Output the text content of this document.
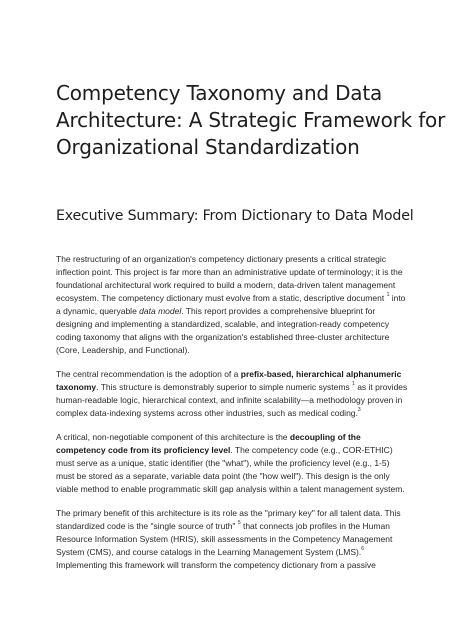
Competency Taxonomy and Data
Architecture: A Strategic Framework for
Organizational Standardization
Executive Summary: From Dictionary to Data Model

The restructuring of an organization's competency dictionary presents a critical strategic
inflection point. This project is far more than an administrative update of terminology; it is the
foundational architectural work required to build a modern, data-driven talent management
ecosystem. The competency dictionary must evolve from a static, descriptive document $^1$ into
a dynamic, queryable data model. This report provides a comprehensive blueprint for
designing and implementing a standardized, scalable, and integration-ready competency
coding taxonomy that aligns with the organization's established three-cluster architecture
(Core, Leadership, and Functional).

The central recommendation is the adoption of a prefix-based, hierarchical alphanumeric
taxonomy. This structure is demonstrably superior to simple numeric systems $^1$ as it provides
human-readable logic, hierarchical context, and infinite scalability—a methodology proven in
complex data-indexing systems across other industries, such as medical coding.$^3$

A critical, non-negotiable component of this architecture is the decoupling of the
competency code from its proficiency level. The competency code (e.g., COR-ETHIC)
must serve as a unique, static identifier (the "what"), while the proficiency level (e.g., 1-5)
must be stored as a separate, variable data point (the "how well"). This design is the only
viable method to enable programmatic skill gap analysis within a talent management system.

The primary benefit of this architecture is its role as the "primary key" for all talent data. This
standardized code is the "single source of truth" $^5$ that connects job profiles in the Human
Resource Information System (HRIS), skill assessments in the Competency Management
System (CMS), and course catalogs in the Learning Management System (LMS).$^6$
Implementing this framework will transform the competency dictionary from a passive
